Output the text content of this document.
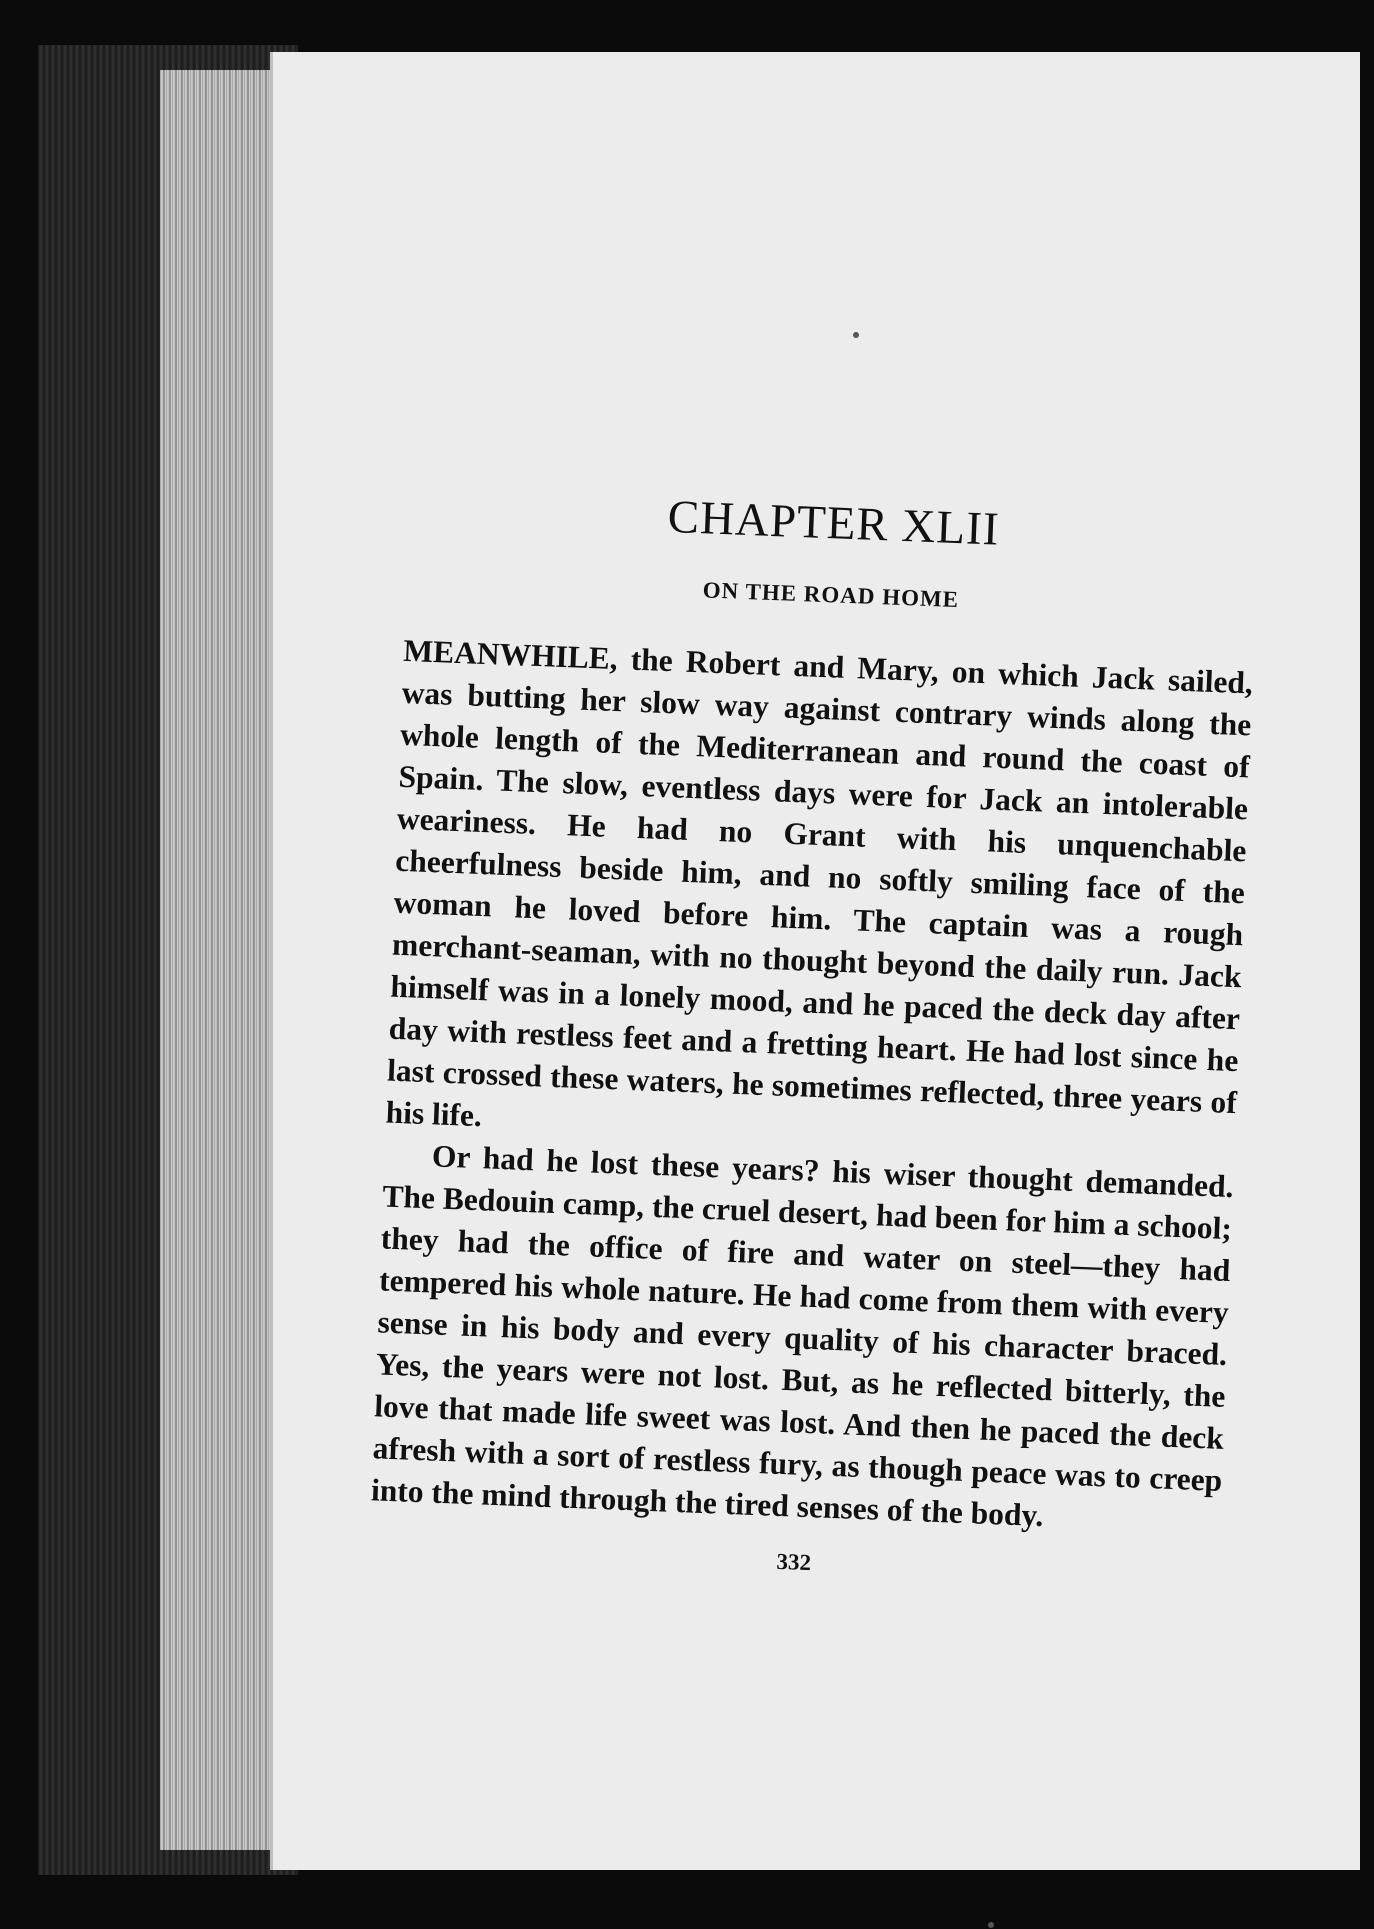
CHAPTER XLII
ON THE ROAD HOME

MEANWHILE, the Robert and Mary, on which Jack sailed, was butting her slow way against contrary winds along the whole length of the Mediterranean and round the coast of Spain. The slow, eventless days were for Jack an intolerable weariness. He had no Grant with his unquenchable cheerfulness beside him, and no softly smiling face of the woman he loved before him. The captain was a rough merchant-seaman, with no thought beyond the daily run. Jack himself was in a lonely mood, and he paced the deck day after day with restless feet and a fretting heart. He had lost since he last crossed these waters, he sometimes reflected, three years of his life.

Or had he lost these years? his wiser thought demanded. The Bedouin camp, the cruel desert, had been for him a school; they had the office of fire and water on steel—they had tempered his whole nature. He had come from them with every sense in his body and every quality of his character braced. Yes, the years were not lost. But, as he reflected bitterly, the love that made life sweet was lost. And then he paced the deck afresh with a sort of restless fury, as though peace was to creep into the mind through the tired senses of the body.

332
